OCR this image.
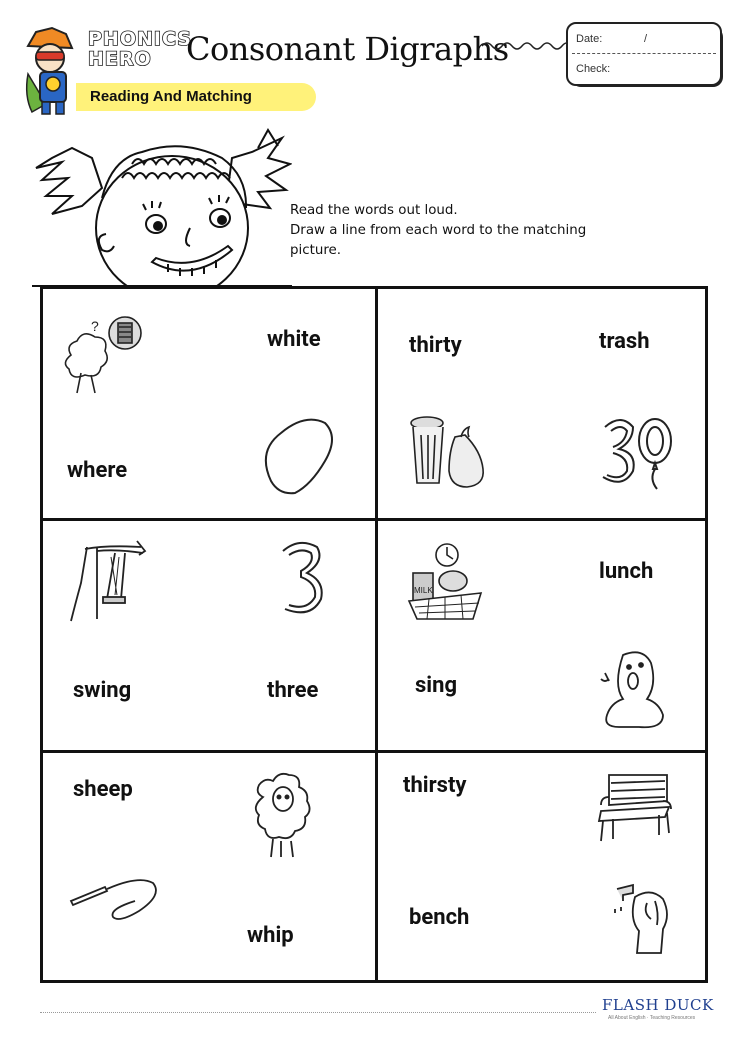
PHONICS
HERO Consonant Digraphs	Date:	/
Check:
Reading And Matching
Read the words out loud.
Draw a line from each word to the matching
picture.
white
where
?
thirty	trash
swing	three
lunch
sing
MILK
sheep
whip
thirsty
bench
FLASH DUCK
All About English · Teaching Resources
